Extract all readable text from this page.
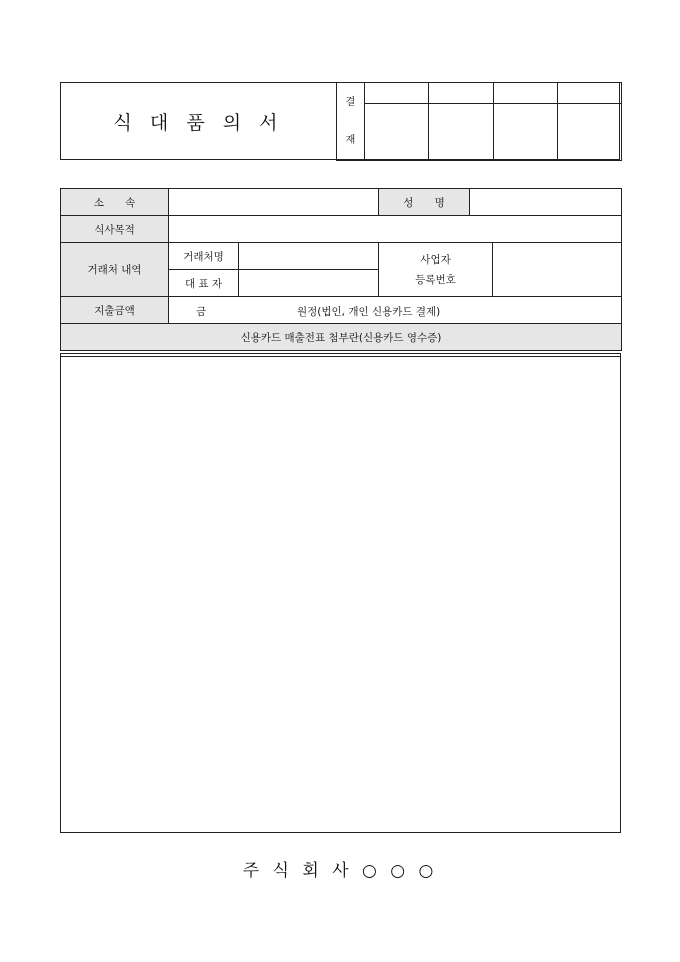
식 대 품 의 서
결
재				

소 속			성 명		
식사목적					
거래처 내역	거래처명		사업자
등록번호		
	대 표 자				
지출금액	금 원정(법인, 개인 신용카드 결제)				

신용카드 매출전표 첨부란(신용카드 영수증)					
주 식 회 사 ○ ○ ○
